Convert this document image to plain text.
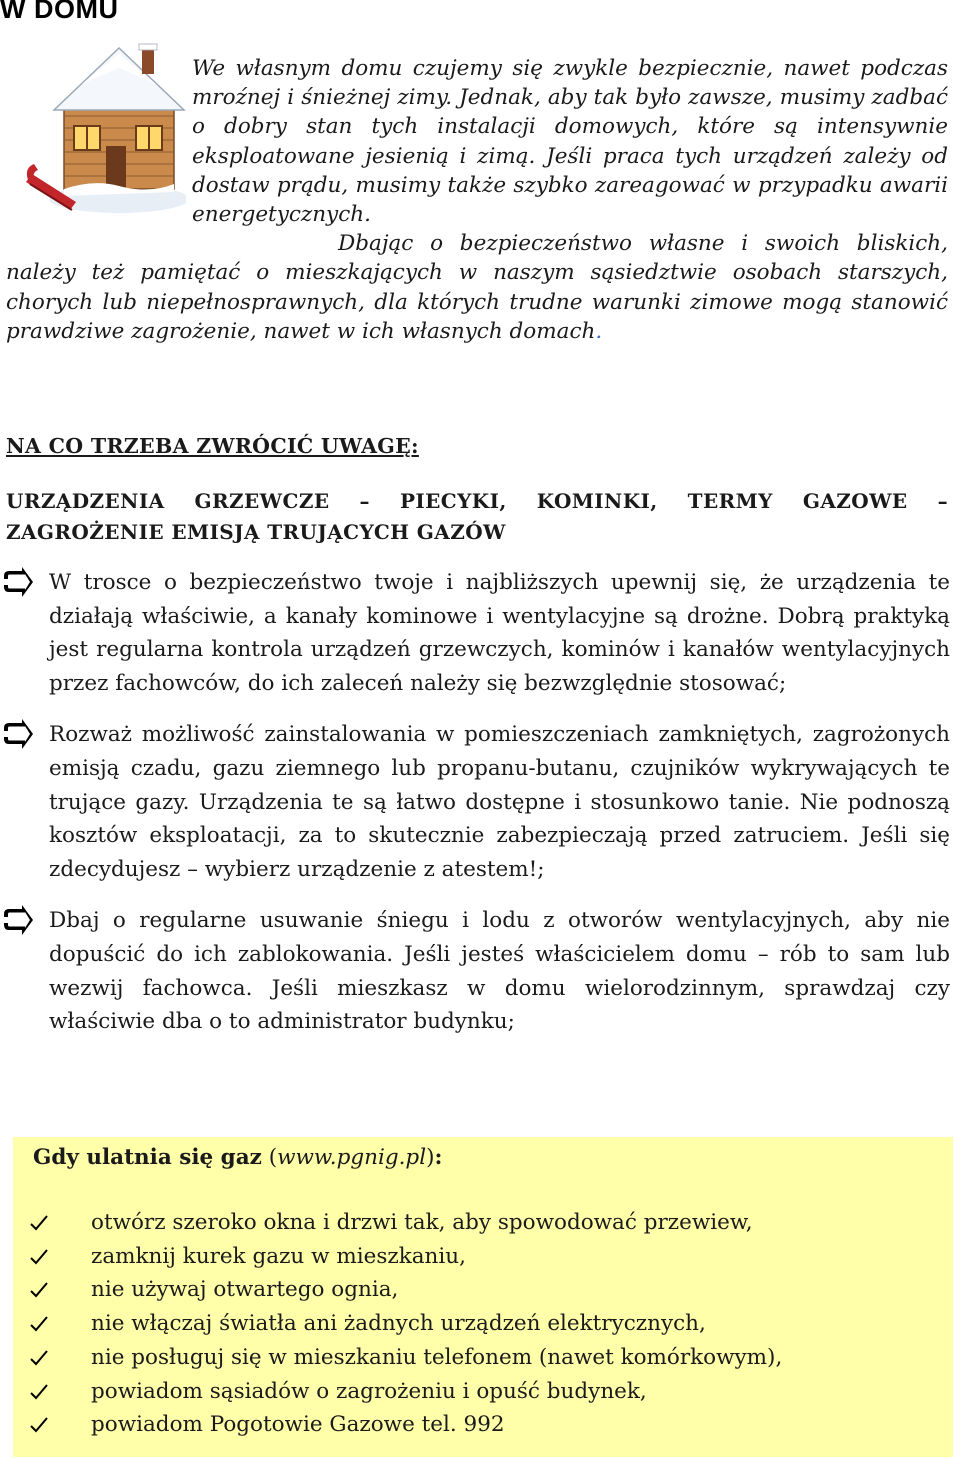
W DOMU

We własnym domu czujemy się zwykle bezpiecznie, nawet podczas mroźnej i śnieżnej zimy. Jednak, aby tak było zawsze, musimy zadbać o dobry stan tych instalacji domowych, które są intensywnie eksploatowane jesienią i zimą. Jeśli praca tych urządzeń zależy od dostaw prądu, musimy także szybko zareagować w przypadku awarii energetycznych.

Dbając o bezpieczeństwo własne i swoich bliskich, należy też pamiętać o mieszkających w naszym sąsiedztwie osobach starszych, chorych lub niepełnosprawnych, dla których trudne warunki zimowe mogą stanowić prawdziwe zagrożenie, nawet w ich własnych domach.

NA CO TRZEBA ZWRÓCIĆ UWAGĘ:
URZĄDZENIA GRZEWCZE – PIECYKI, KOMINKI, TERMY GAZOWE – ZAGROŻENIE EMISJĄ TRUJĄCYCH GAZÓW
W trosce o bezpieczeństwo twoje i najbliższych upewnij się, że urządzenia te działają właściwie, a kanały kominowe i wentylacyjne są drożne. Dobrą praktyką jest regularna kontrola urządzeń grzewczych, kominów i kanałów wentylacyjnych przez fachowców, do ich zaleceń należy się bezwzględnie stosować;
Rozważ możliwość zainstalowania w pomieszczeniach zamkniętych, zagrożonych emisją czadu, gazu ziemnego lub propanu-butanu, czujników wykrywających te trujące gazy. Urządzenia te są łatwo dostępne i stosunkowo tanie. Nie podnoszą kosztów eksploatacji, za to skutecznie zabezpieczają przed zatruciem. Jeśli się zdecydujesz – wybierz urządzenie z atestem!;
Dbaj o regularne usuwanie śniegu i lodu z otworów wentylacyjnych, aby nie dopuścić do ich zablokowania. Jeśli jesteś właścicielem domu – rób to sam lub wezwij fachowca. Jeśli mieszkasz w domu wielorodzinnym, sprawdzaj czy właściwie dba o to administrator budynku;

Gdy ulatnia się gaz (www.pgnig.pl):

otwórz szeroko okna i drzwi tak, aby spowodować przewiew,
zamknij kurek gazu w mieszkaniu,
nie używaj otwartego ognia,
nie włączaj światła ani żadnych urządzeń elektrycznych,
nie posługuj się w mieszkaniu telefonem (nawet komórkowym),
powiadom sąsiadów o zagrożeniu i opuść budynek,
powiadom Pogotowie Gazowe tel. 992
